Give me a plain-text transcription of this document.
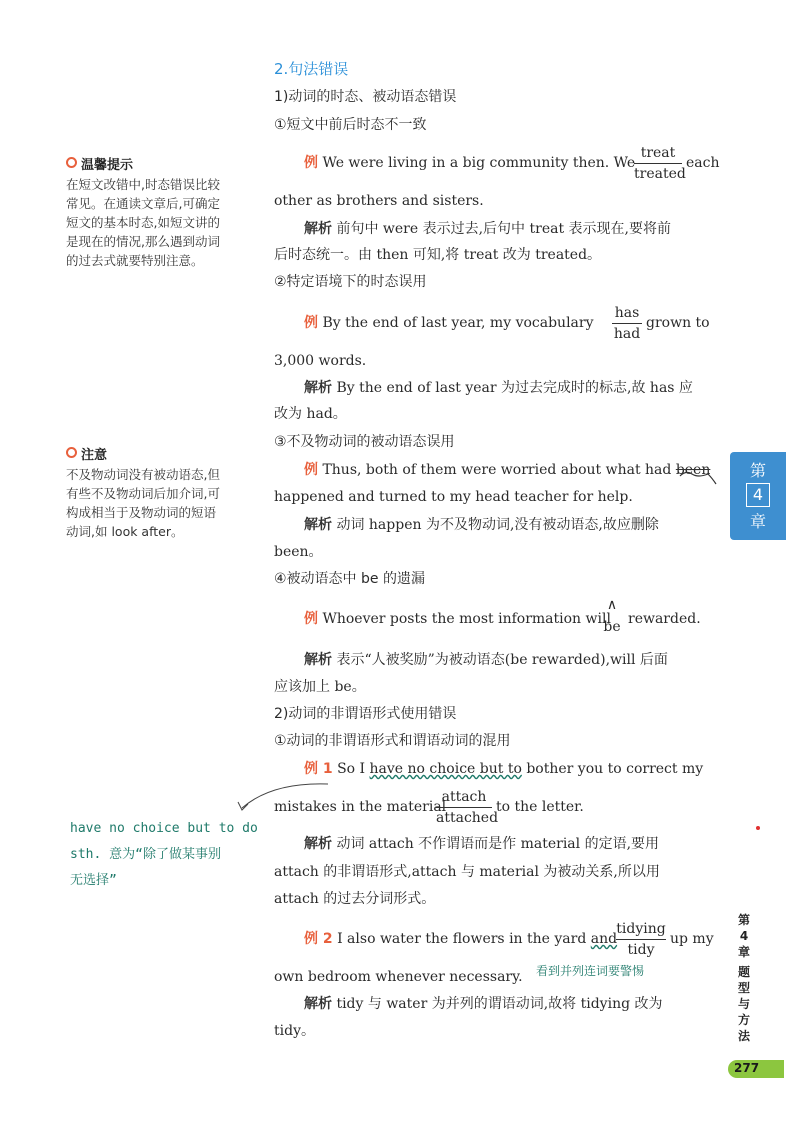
2.句法错误
1)动词的时态、被动语态错误
①短文中前后时态不一致
例 We were living in a big community then. We
treat
treated
each
other as brothers and sisters.
解析 前句中 were 表示过去,后句中 treat 表示现在,要将前
后时态统一。由 then 可知,将 treat 改为 treated。
②特定语境下的时态误用
例 By the end of last year, my vocabulary
has
had
grown to
3,000 words.
解析 By the end of last year 为过去完成时的标志,故 has 应
改为 had。
③不及物动词的被动语态误用
例 Thus, both of them were worried about what had been
happened and turned to my head teacher for help.
解析 动词 happen 为不及物动词,没有被动语态,故应删除
been。
④被动语态中 be 的遗漏
例 Whoever posts the most information will
∧
be rewarded.
解析 表示“人被奖励”为被动语态(be rewarded),will 后面
应该加上 be。
2)动词的非谓语形式使用错误
①动词的非谓语形式和谓语动词的混用
例 1 So I have no choice but to bother you to correct my
mistakes in the material
attach
attached
to the letter.
解析 动词 attach 不作谓语而是作 material 的定语,要用
attach 的非谓语形式,attach 与 material 为被动关系,所以用
attach 的过去分词形式。
例 2 I also water the flowers in the yard and
tidying
tidy
up my
own bedroom whenever necessary. 看到并列连词要警惕
解析 tidy 与 water 为并列的谓语动词,故将 tidying 改为
tidy。
温馨提示
在短文改错中,时态错误比较
常见。在通读文章后,可确定
短文的基本时态,如短文讲的
是现在的情况,那么遇到动词
的过去式就要特别注意。
注意
不及物动词没有被动语态,但
有些不及物动词后加介词,可
构成相当于及物动词的短语
动词,如 look after。
have no choice but to do
sth. 意为“除了做某事别
无选择”
第
4
章
第
4
章
题
型
与
方
法
277
